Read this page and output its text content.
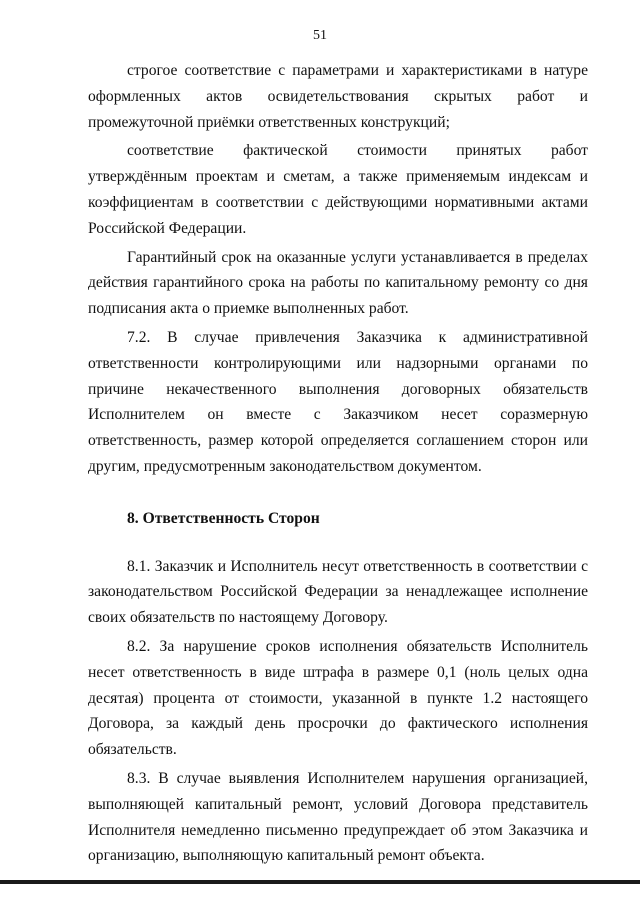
51

строгое соответствие с параметрами и характеристиками в натуре оформленных актов освидетельствования скрытых работ и промежуточной приёмки ответственных конструкций;

соответствие фактической стоимости принятых работ утверждённым проектам и сметам, а также применяемым индексам и коэффициентам в соответствии с действующими нормативными актами Российской Федерации.

Гарантийный срок на оказанные услуги устанавливается в пределах действия гарантийного срока на работы по капитальному ремонту со дня подписания акта о приемке выполненных работ.

7.2. В случае привлечения Заказчика к административной ответственности контролирующими или надзорными органами по причине некачественного выполнения договорных обязательств Исполнителем он вместе с Заказчиком несет соразмерную ответственность, размер которой определяется соглашением сторон или другим, предусмотренным законодательством документом.

8. Ответственность Сторон

8.1. Заказчик и Исполнитель несут ответственность в соответствии с законодательством Российской Федерации за ненадлежащее исполнение своих обязательств по настоящему Договору.

8.2. За нарушение сроков исполнения обязательств Исполнитель несет ответственность в виде штрафа в размере 0,1 (ноль целых одна десятая) процента от стоимости, указанной в пункте 1.2 настоящего Договора, за каждый день просрочки до фактического исполнения обязательств.

8.3. В случае выявления Исполнителем нарушения организацией, выполняющей капитальный ремонт, условий Договора представитель Исполнителя немедленно письменно предупреждает об этом Заказчика и организацию, выполняющую капитальный ремонт объекта.
